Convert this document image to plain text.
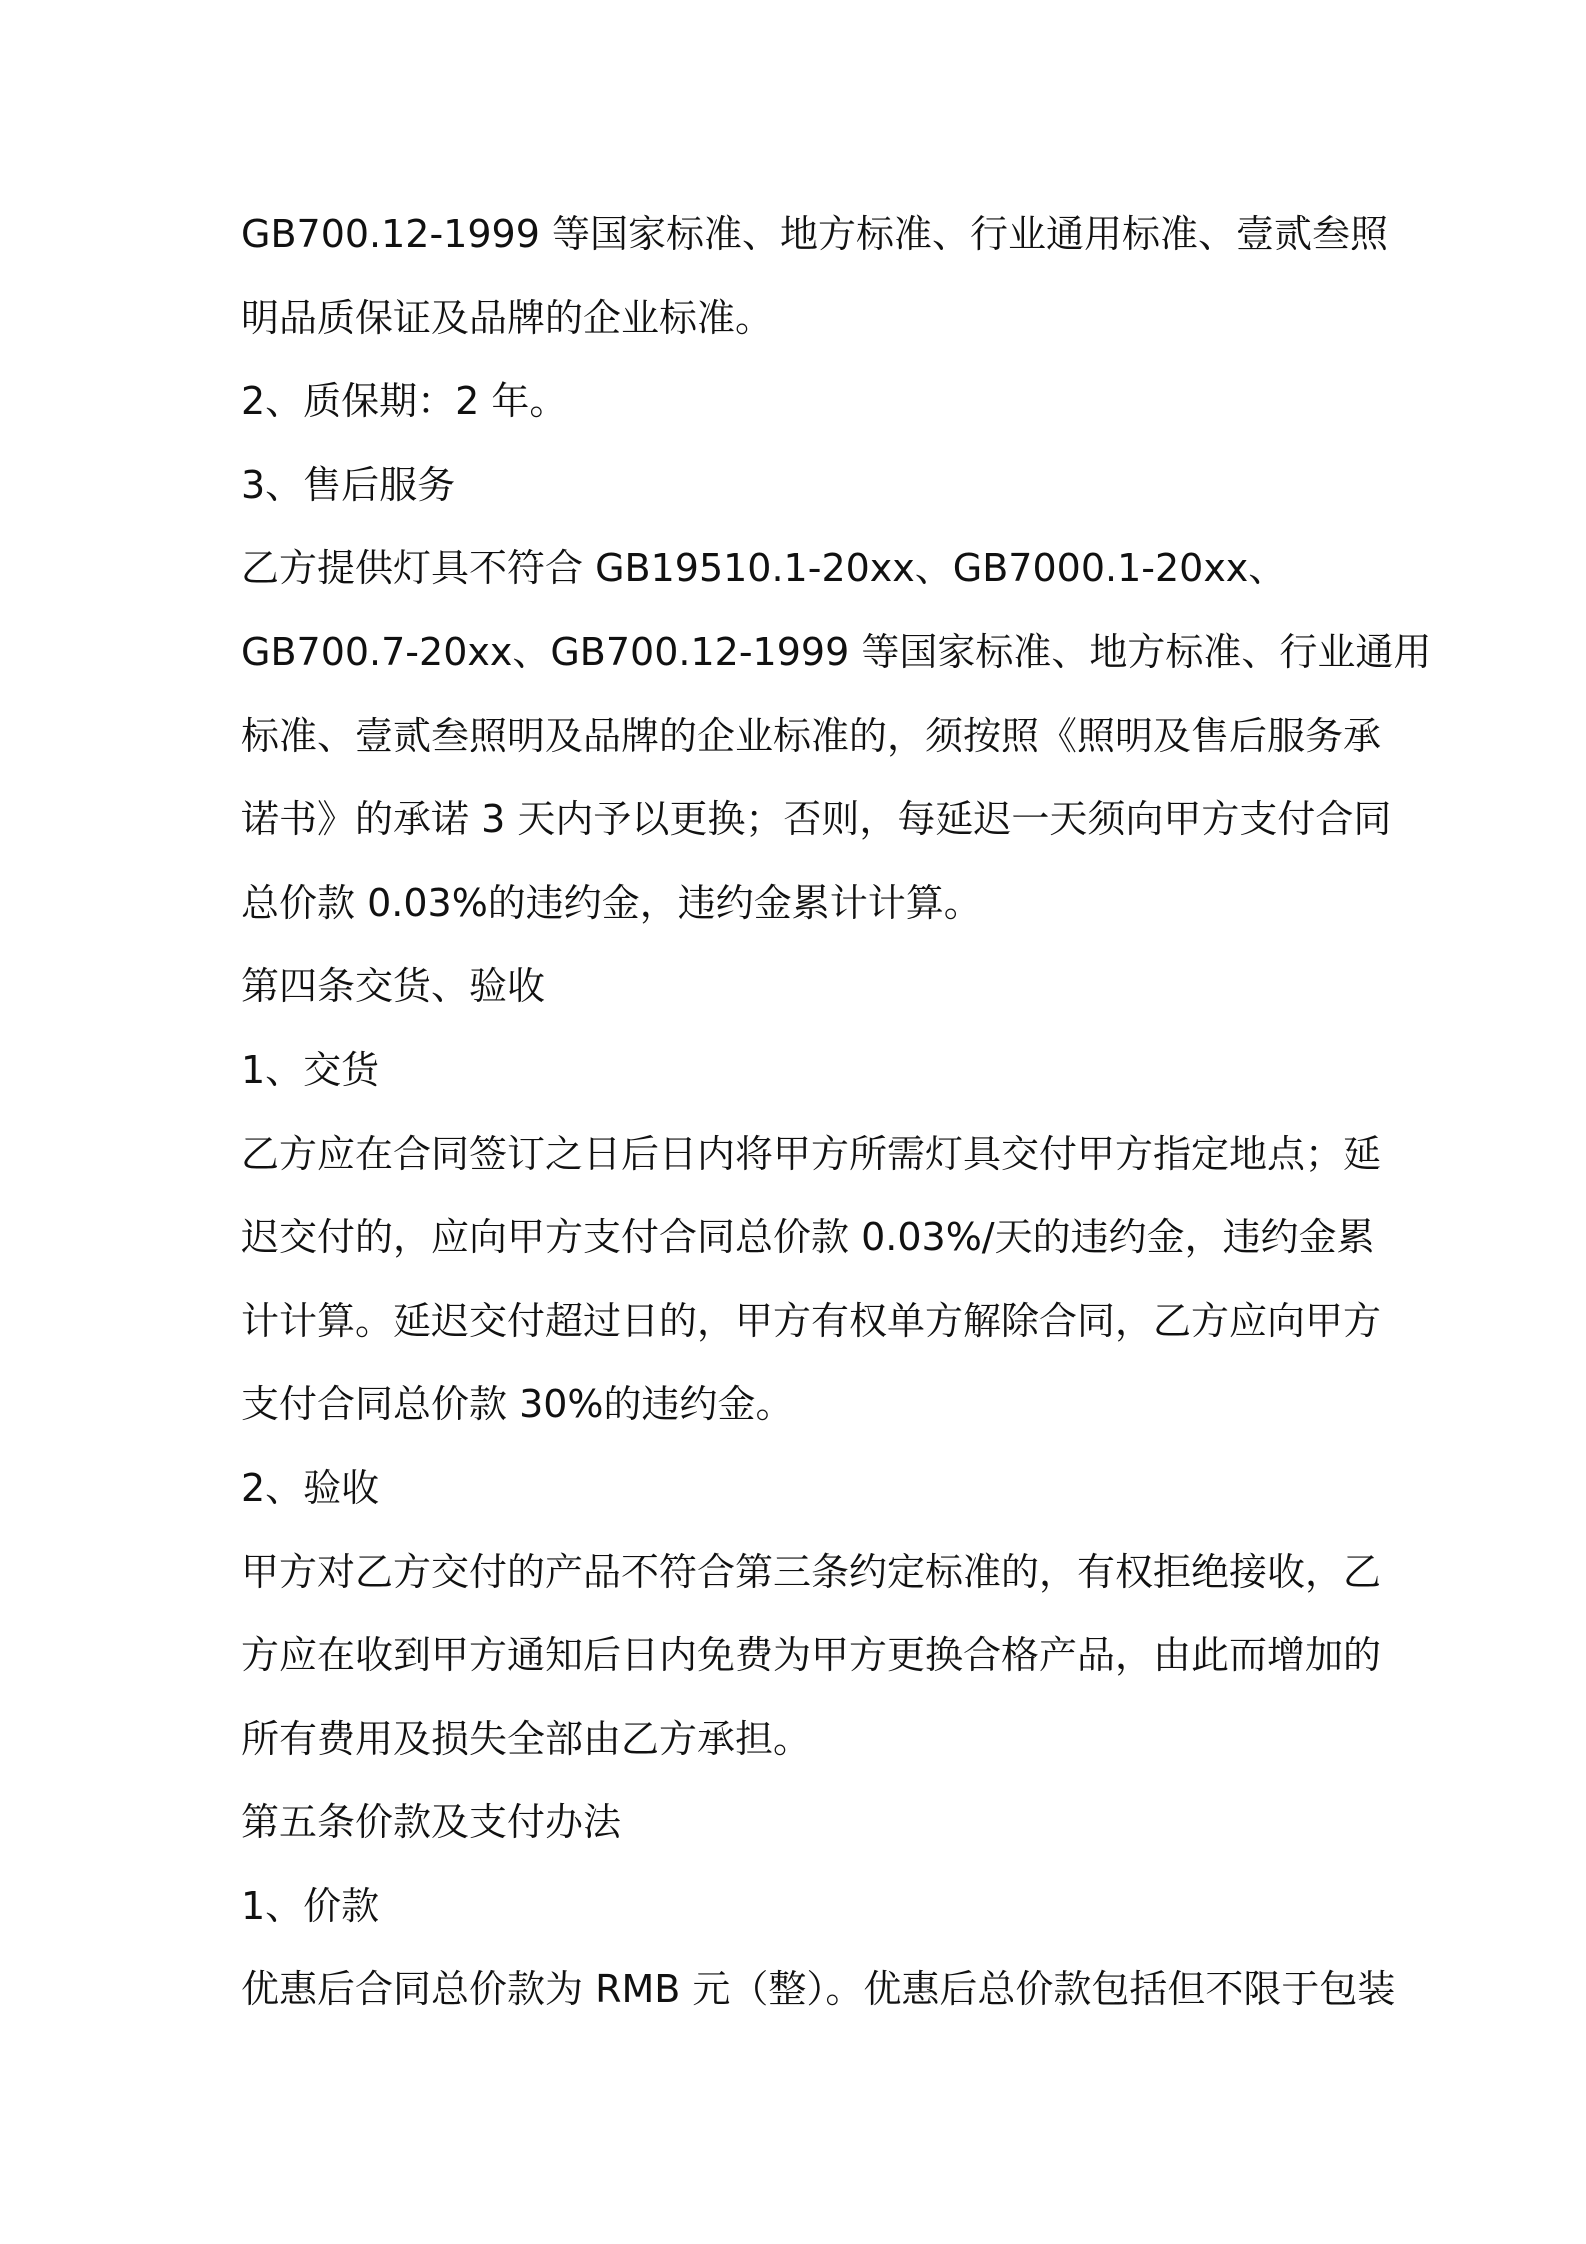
GB700.12-1999 等国家标准、地方标准、行业通用标准、壹贰叁照
明品质保证及品牌的企业标准。
2、质保期：2 年。
3、售后服务
乙方提供灯具不符合 GB19510.1-20xx、GB7000.1-20xx、
GB700.7-20xx、GB700.12-1999 等国家标准、地方标准、行业通用
标准、壹贰叁照明及品牌的企业标准的，须按照《照明及售后服务承
诺书》的承诺 3 天内予以更换；否则，每延迟一天须向甲方支付合同
总价款 0.03%的违约金，违约金累计计算。
第四条交货、验收
1、交货
乙方应在合同签订之日后日内将甲方所需灯具交付甲方指定地点；延
迟交付的，应向甲方支付合同总价款 0.03%/天的违约金，违约金累
计计算。延迟交付超过日的，甲方有权单方解除合同，乙方应向甲方
支付合同总价款 30%的违约金。
2、验收
甲方对乙方交付的产品不符合第三条约定标准的，有权拒绝接收，乙
方应在收到甲方通知后日内免费为甲方更换合格产品，由此而增加的
所有费用及损失全部由乙方承担。
第五条价款及支付办法
1、价款
优惠后合同总价款为 RMB 元（整）。优惠后总价款包括但不限于包装
